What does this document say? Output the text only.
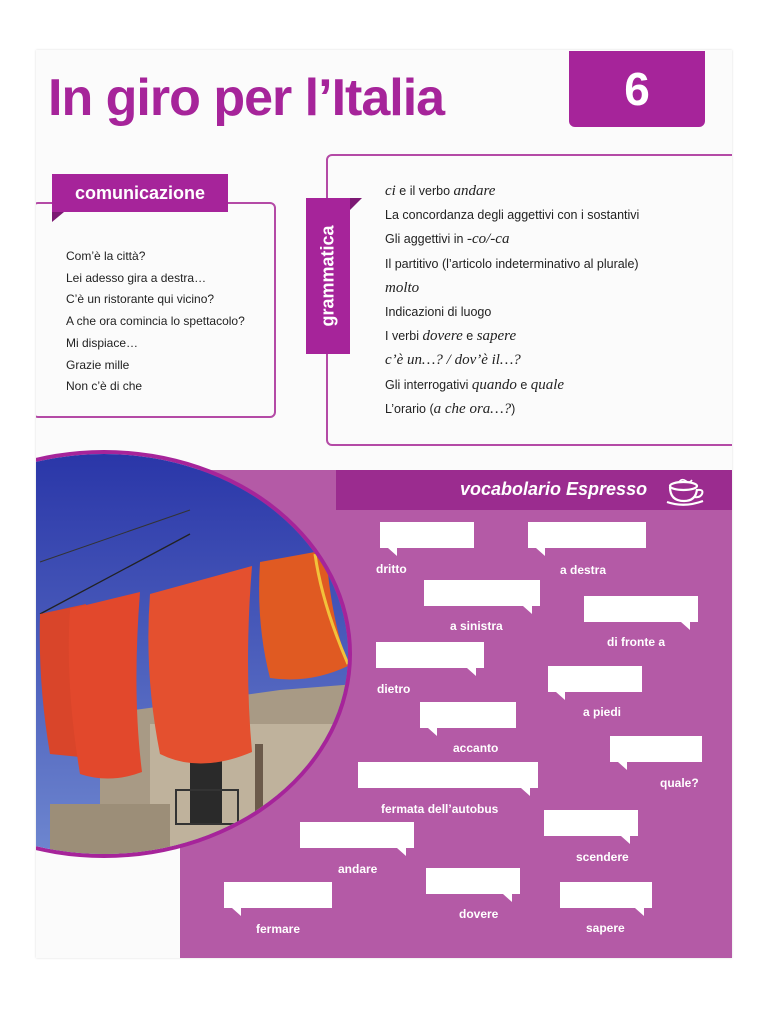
In giro per l’Italia	6
comunicazione
Com’è la città?
Lei adesso gira a destra…
C’è un ristorante qui vicino?
A che ora comincia lo spettacolo?
Mi dispiace…
Grazie mille
Non c’è di che
grammatica
ci e il verbo andare
La concordanza degli aggettivi con i sostantivi
Gli aggettivi in -co/-ca
Il partitivo (l’articolo indeterminativo al plurale)
molto
Indicazioni di luogo
I verbi dovere e sapere
c’è un…? / dov’è il…?
Gli interrogativi quando e quale
L’orario (a che ora…?)
vocabolario Espresso
dritto	a destra
a sinistra
di fronte a
dietro
a piedi
accanto
quale?
fermata dell’autobus
scendere
andare
dovere
fermare	sapere
